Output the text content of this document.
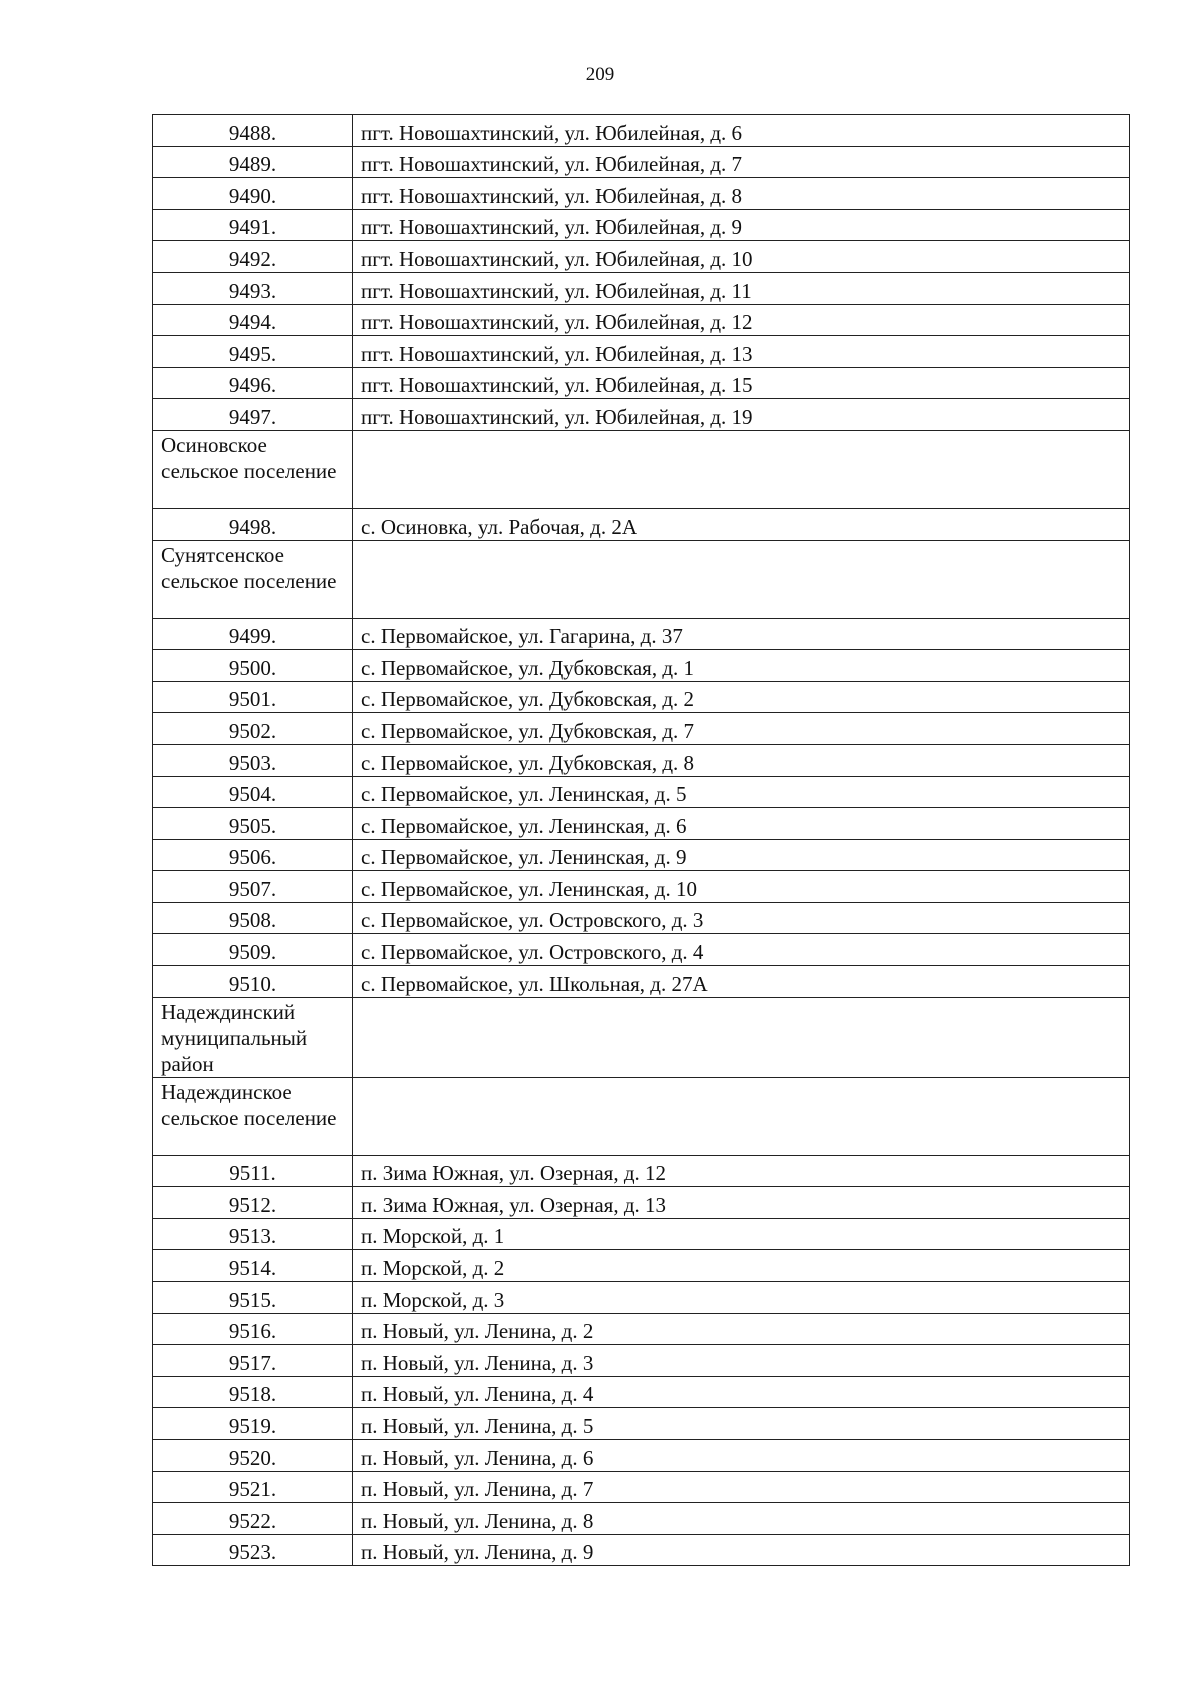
209
9488.	пгт. Новошахтинский, ул. Юбилейная, д. 6
9489.	пгт. Новошахтинский, ул. Юбилейная, д. 7
9490.	пгт. Новошахтинский, ул. Юбилейная, д. 8
9491.	пгт. Новошахтинский, ул. Юбилейная, д. 9
9492.	пгт. Новошахтинский, ул. Юбилейная, д. 10
9493.	пгт. Новошахтинский, ул. Юбилейная, д. 11
9494.	пгт. Новошахтинский, ул. Юбилейная, д. 12
9495.	пгт. Новошахтинский, ул. Юбилейная, д. 13
9496.	пгт. Новошахтинский, ул. Юбилейная, д. 15
9497.	пгт. Новошахтинский, ул. Юбилейная, д. 19
Осиновское сельское поселение	
9498.	с. Осиновка, ул. Рабочая, д. 2А
Сунятсенское сельское поселение	
9499.	с. Первомайское, ул. Гагарина, д. 37
9500.	с. Первомайское, ул. Дубковская, д. 1
9501.	с. Первомайское, ул. Дубковская, д. 2
9502.	с. Первомайское, ул. Дубковская, д. 7
9503.	с. Первомайское, ул. Дубковская, д. 8
9504.	с. Первомайское, ул. Ленинская, д. 5
9505.	с. Первомайское, ул. Ленинская, д. 6
9506.	с. Первомайское, ул. Ленинская, д. 9
9507.	с. Первомайское, ул. Ленинская, д. 10
9508.	с. Первомайское, ул. Островского, д. 3
9509.	с. Первомайское, ул. Островского, д. 4
9510.	с. Первомайское, ул. Школьная, д. 27А
Надеждинский муниципальный район	
Надеждинское сельское поселение	
9511.	п. Зима Южная, ул. Озерная, д. 12
9512.	п. Зима Южная, ул. Озерная, д. 13
9513.	п. Морской, д. 1
9514.	п. Морской, д. 2
9515.	п. Морской, д. 3
9516.	п. Новый, ул. Ленина, д. 2
9517.	п. Новый, ул. Ленина, д. 3
9518.	п. Новый, ул. Ленина, д. 4
9519.	п. Новый, ул. Ленина, д. 5
9520.	п. Новый, ул. Ленина, д. 6
9521.	п. Новый, ул. Ленина, д. 7
9522.	п. Новый, ул. Ленина, д. 8
9523.	п. Новый, ул. Ленина, д. 9
